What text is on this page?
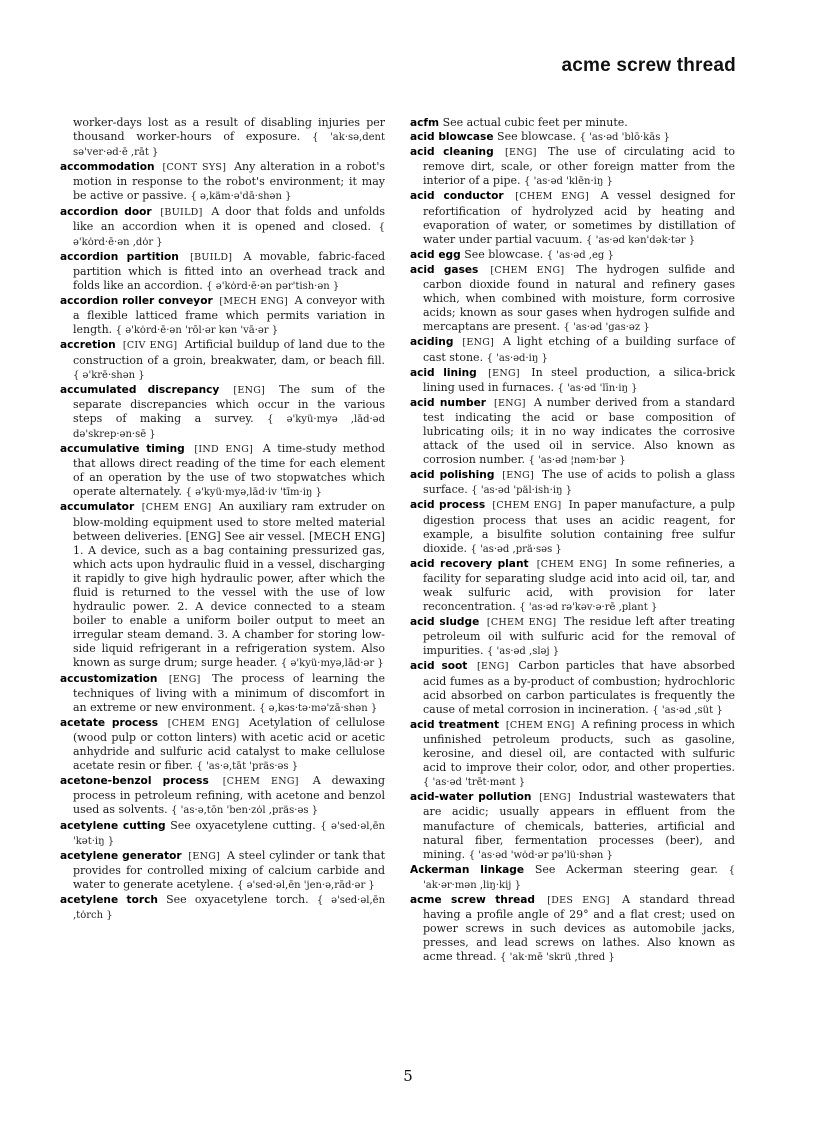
acme screw thread

worker-days lost as a result of disabling injuries per thousand worker-hours of exposure. { 'ak·sə,dent sə'ver·əd·ē ,rāt }

accommodation [CONT SYS] Any alteration in a robot's motion in response to the robot's environment; it may be active or passive. { ə,käm·ə'dā·shən }

accordion door [BUILD] A door that folds and unfolds like an accordion when it is opened and closed. { ə'kȯrd·ē·ən ,dȯr }

accordion partition [BUILD] A movable, fabric-faced partition which is fitted into an overhead track and folds like an accordion. { ə'kȯrd·ē·ən pər'tish·ən }

accordion roller conveyor [MECH ENG] A conveyor with a flexible latticed frame which permits variation in length. { ə'kȯrd·ē·ən 'rōl·ər kən 'vā·ər }

accretion [CIV ENG] Artificial buildup of land due to the construction of a groin, breakwater, dam, or beach fill. { ə'krē·shən }

accumulated discrepancy [ENG] The sum of the separate discrepancies which occur in the various steps of making a survey. { ə'kyü·myə ,lād·əd də'skrep·ən·sē }

accumulative timing [IND ENG] A time-study method that allows direct reading of the time for each element of an operation by the use of two stopwatches which operate alternately. { ə'kyü·myə,lād·iv 'tīm·iŋ }

accumulator [CHEM ENG] An auxiliary ram extruder on blow-molding equipment used to store melted material between deliveries. [ENG] See air vessel. [MECH ENG] 1. A device, such as a bag containing pressurized gas, which acts upon hydraulic fluid in a vessel, discharging it rapidly to give high hydraulic power, after which the fluid is returned to the vessel with the use of low hydraulic power. 2. A device connected to a steam boiler to enable a uniform boiler output to meet an irregular steam demand. 3. A chamber for storing low-side liquid refrigerant in a refrigeration system. Also known as surge drum; surge header. { ə'kyü·myə,lād·ər }

accustomization [ENG] The process of learning the techniques of living with a minimum of discomfort in an extreme or new environment. { ə,kəs·tə·mə'zā·shən }

acetate process [CHEM ENG] Acetylation of cellulose (wood pulp or cotton linters) with acetic acid or acetic anhydride and sulfuric acid catalyst to make cellulose acetate resin or fiber. { 'as·ə,tāt 'präs·əs }

acetone-benzol process [CHEM ENG] A dewaxing process in petroleum refining, with acetone and benzol used as solvents. { 'as·ə,tōn 'ben·zȯl ,präs·əs }

acetylene cutting See oxyacetylene cutting. { ə'sed·əl,ēn 'kət·iŋ }

acetylene generator [ENG] A steel cylinder or tank that provides for controlled mixing of calcium carbide and water to generate acetylene. { ə'sed·əl,ēn 'jen·ə,rād·ər }

acetylene torch See oxyacetylene torch. { ə'sed·əl,ēn ,tȯrch }

acfm See actual cubic feet per minute.

acid blowcase See blowcase. { 'as·əd 'blō·kās }

acid cleaning [ENG] The use of circulating acid to remove dirt, scale, or other foreign matter from the interior of a pipe. { 'as·əd 'klēn·iŋ }

acid conductor [CHEM ENG] A vessel designed for refortification of hydrolyzed acid by heating and evaporation of water, or sometimes by distillation of water under partial vacuum. { 'as·əd kən'dək·tər }

acid egg See blowcase. { 'as·əd ,eg }

acid gases [CHEM ENG] The hydrogen sulfide and carbon dioxide found in natural and refinery gases which, when combined with moisture, form corrosive acids; known as sour gases when hydrogen sulfide and mercaptans are present. { 'as·əd 'gas·əz }

aciding [ENG] A light etching of a building surface of cast stone. { 'as·əd·iŋ }

acid lining [ENG] In steel production, a silica-brick lining used in furnaces. { 'as·əd 'līn·iŋ }

acid number [ENG] A number derived from a standard test indicating the acid or base composition of lubricating oils; it in no way indicates the corrosive attack of the used oil in service. Also known as corrosion number. { 'as·əd ¦nəm·bər }

acid polishing [ENG] The use of acids to polish a glass surface. { 'as·əd 'päl·ish·iŋ }

acid process [CHEM ENG] In paper manufacture, a pulp digestion process that uses an acidic reagent, for example, a bisulfite solution containing free sulfur dioxide. { 'as·əd ,prä·səs }

acid recovery plant [CHEM ENG] In some refineries, a facility for separating sludge acid into acid oil, tar, and weak sulfuric acid, with provision for later reconcentration. { 'as·əd rə'kəv·ə·rē ,plant }

acid sludge [CHEM ENG] The residue left after treating petroleum oil with sulfuric acid for the removal of impurities. { 'as·əd ,sləj }

acid soot [ENG] Carbon particles that have absorbed acid fumes as a by-product of combustion; hydrochloric acid absorbed on carbon particulates is frequently the cause of metal corrosion in incineration. { 'as·əd ,süt }

acid treatment [CHEM ENG] A refining process in which unfinished petroleum products, such as gasoline, kerosine, and diesel oil, are contacted with sulfuric acid to improve their color, odor, and other properties. { 'as·əd 'trēt·mənt }

acid-water pollution [ENG] Industrial wastewaters that are acidic; usually appears in effluent from the manufacture of chemicals, batteries, artificial and natural fiber, fermentation processes (beer), and mining. { 'as·əd 'wȯd·ər pə'lü·shən }

Ackerman linkage See Ackerman steering gear. { 'ak·ər·mən ,liŋ·kij }

acme screw thread [DES ENG] A standard thread having a profile angle of 29° and a flat crest; used on power screws in such devices as automobile jacks, presses, and lead screws on lathes. Also known as acme thread. { 'ak·mē 'skrü ,thred }

5
